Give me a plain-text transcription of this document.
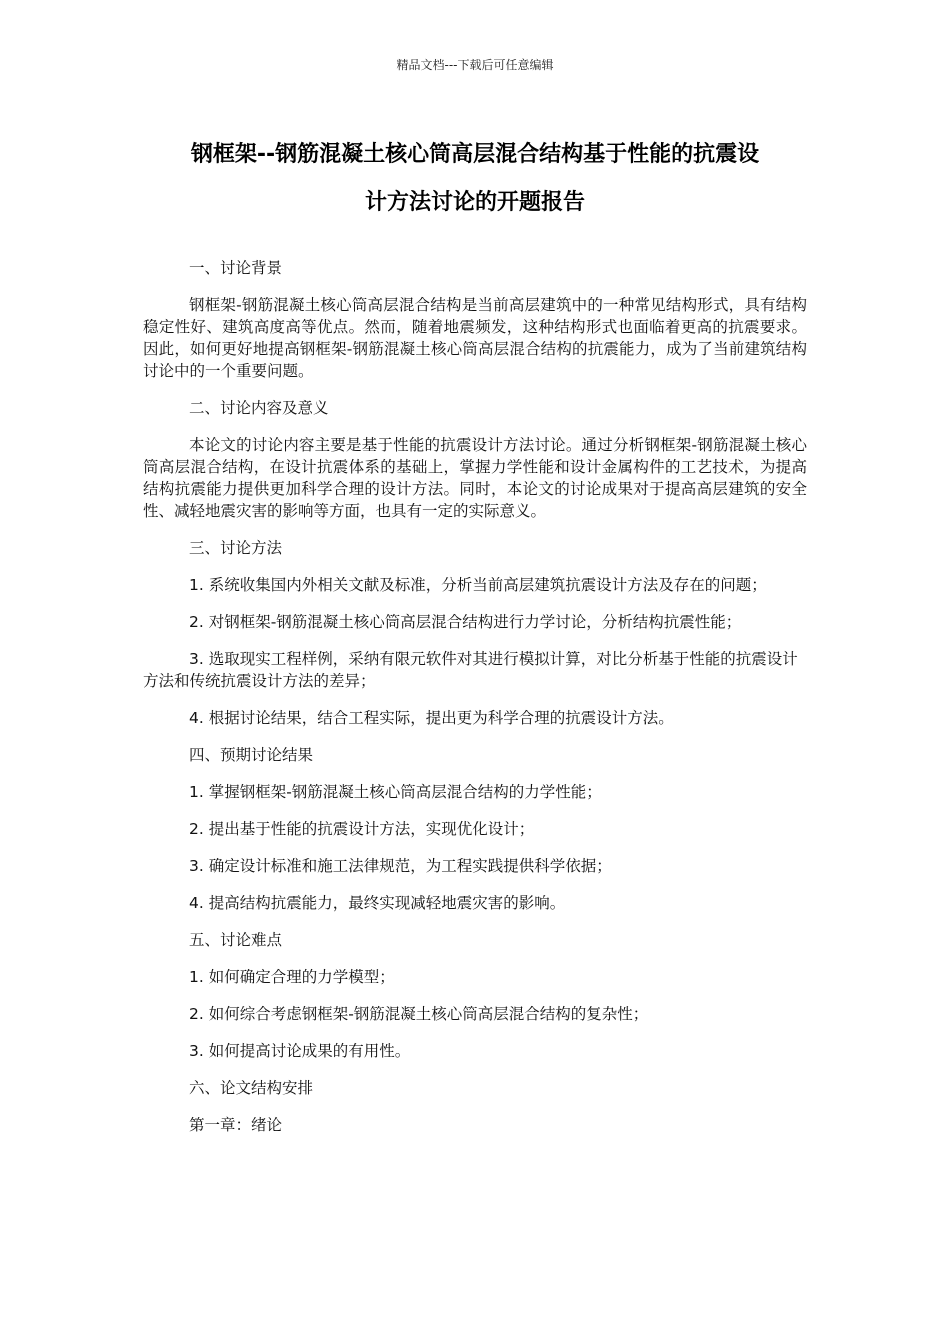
精品文档---下载后可任意编辑
钢框架--钢筋混凝土核心筒高层混合结构基于性能的抗震设
计方法讨论的开题报告
一、讨论背景
钢框架-钢筋混凝土核心筒高层混合结构是当前高层建筑中的一种常见结构形式，具有结构稳定性好、建筑高度高等优点。然而，随着地震频发，这种结构形式也面临着更高的抗震要求。因此，如何更好地提高钢框架-钢筋混凝土核心筒高层混合结构的抗震能力，成为了当前建筑结构讨论中的一个重要问题。
二、讨论内容及意义
本论文的讨论内容主要是基于性能的抗震设计方法讨论。通过分析钢框架-钢筋混凝土核心筒高层混合结构，在设计抗震体系的基础上，掌握力学性能和设计金属构件的工艺技术，为提高结构抗震能力提供更加科学合理的设计方法。同时，本论文的讨论成果对于提高高层建筑的安全性、减轻地震灾害的影响等方面，也具有一定的实际意义。
三、讨论方法
1. 系统收集国内外相关文献及标准，分析当前高层建筑抗震设计方法及存在的问题；
2. 对钢框架-钢筋混凝土核心筒高层混合结构进行力学讨论，分析结构抗震性能；
3. 选取现实工程样例，采纳有限元软件对其进行模拟计算，对比分析基于性能的抗震设计方法和传统抗震设计方法的差异；
4. 根据讨论结果，结合工程实际，提出更为科学合理的抗震设计方法。
四、预期讨论结果
1. 掌握钢框架-钢筋混凝土核心筒高层混合结构的力学性能；
2. 提出基于性能的抗震设计方法，实现优化设计；
3. 确定设计标准和施工法律规范，为工程实践提供科学依据；
4. 提高结构抗震能力，最终实现减轻地震灾害的影响。
五、讨论难点
1. 如何确定合理的力学模型；
2. 如何综合考虑钢框架-钢筋混凝土核心筒高层混合结构的复杂性；
3. 如何提高讨论成果的有用性。
六、论文结构安排
第一章：绪论
